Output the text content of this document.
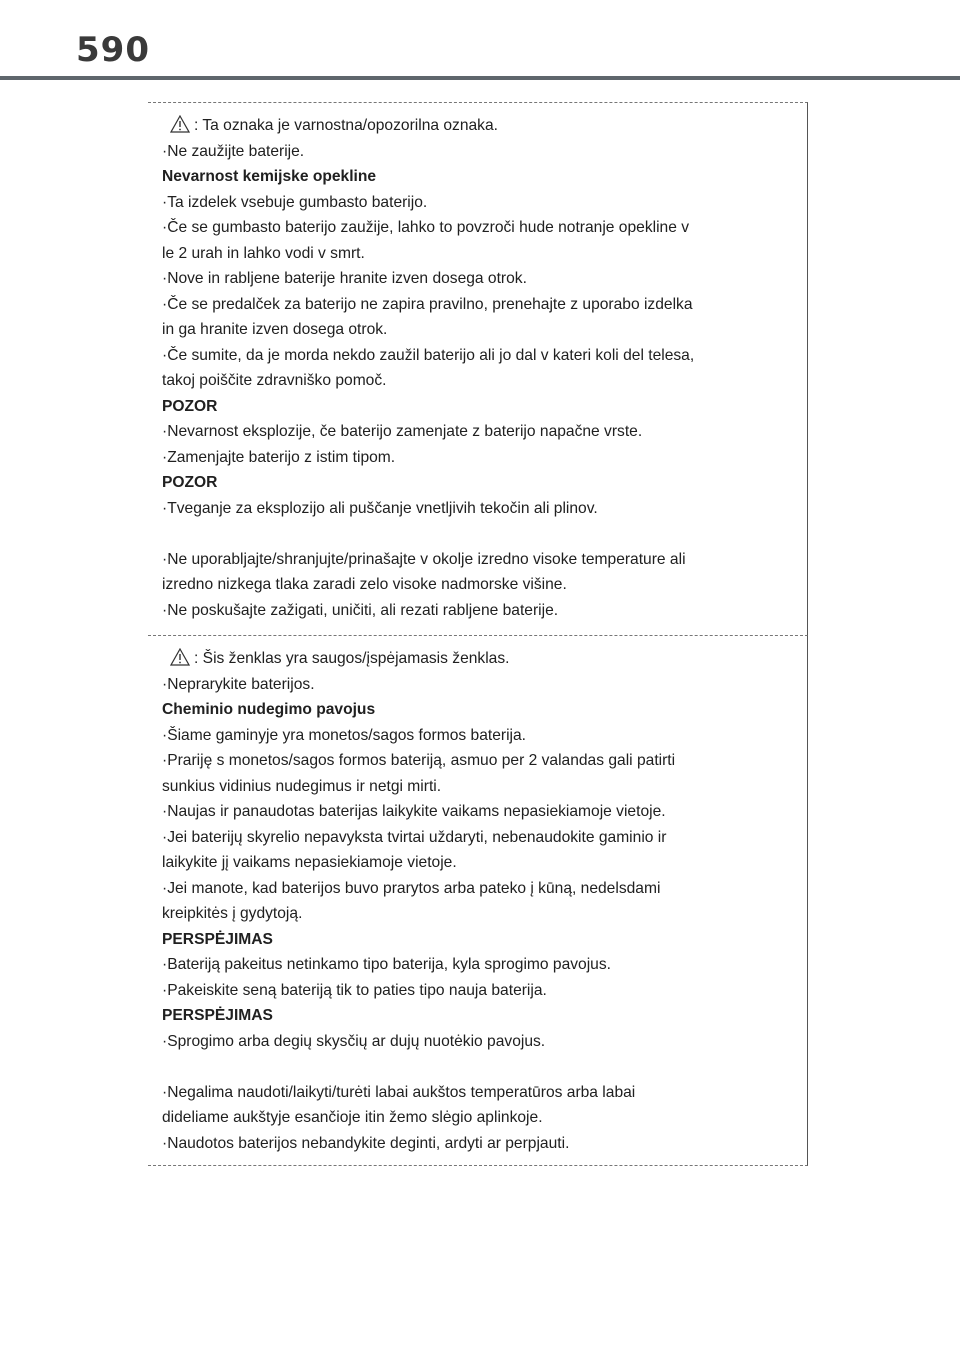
590
: Ta oznaka je varnostna/opozorilna oznaka.
·Ne zaužijte baterije.
Nevarnost kemijske opekline
·Ta izdelek vsebuje gumbasto baterijo.
·Če se gumbasto baterijo zaužije, lahko to povzroči hude notranje opekline v
le 2 urah in lahko vodi v smrt.
·Nove in rabljene baterije hranite izven dosega otrok.
·Če se predalček za baterijo ne zapira pravilno, prenehajte z uporabo izdelka
in ga hranite izven dosega otrok.
·Če sumite, da je morda nekdo zaužil baterijo ali jo dal v kateri koli del telesa,
takoj poiščite zdravniško pomoč.
POZOR
·Nevarnost eksplozije, če baterijo zamenjate z baterijo napačne vrste.
·Zamenjajte baterijo z istim tipom.
POZOR
·Tveganje za eksplozijo ali puščanje vnetljivih tekočin ali plinov.
·Ne uporabljajte/shranjujte/prinašajte v okolje izredno visoke temperature ali
izredno nizkega tlaka zaradi zelo visoke nadmorske višine.
·Ne poskušajte zažigati, uničiti, ali rezati rabljene baterije.
: Šis ženklas yra saugos/įspėjamasis ženklas.
·Neprarykite baterijos.
Cheminio nudegimo pavojus
·Šiame gaminyje yra monetos/sagos formos baterija.
·Prariję s monetos/sagos formos bateriją, asmuo per 2 valandas gali patirti
sunkius vidinius nudegimus ir netgi mirti.
·Naujas ir panaudotas baterijas laikykite vaikams nepasiekiamoje vietoje.
·Jei baterijų skyrelio nepavyksta tvirtai uždaryti, nebenaudokite gaminio ir
laikykite jį vaikams nepasiekiamoje vietoje.
·Jei manote, kad baterijos buvo prarytos arba pateko į kūną, nedelsdami
kreipkitės į gydytoją.
PERSPĖJIMAS
·Bateriją pakeitus netinkamo tipo baterija, kyla sprogimo pavojus.
·Pakeiskite seną bateriją tik to paties tipo nauja baterija.
PERSPĖJIMAS
·Sprogimo arba degių skysčių ar dujų nuotėkio pavojus.
·Negalima naudoti/laikyti/turėti labai aukštos temperatūros arba labai
dideliame aukštyje esančioje itin žemo slėgio aplinkoje.
·Naudotos baterijos nebandykite deginti, ardyti ar perpjauti.
